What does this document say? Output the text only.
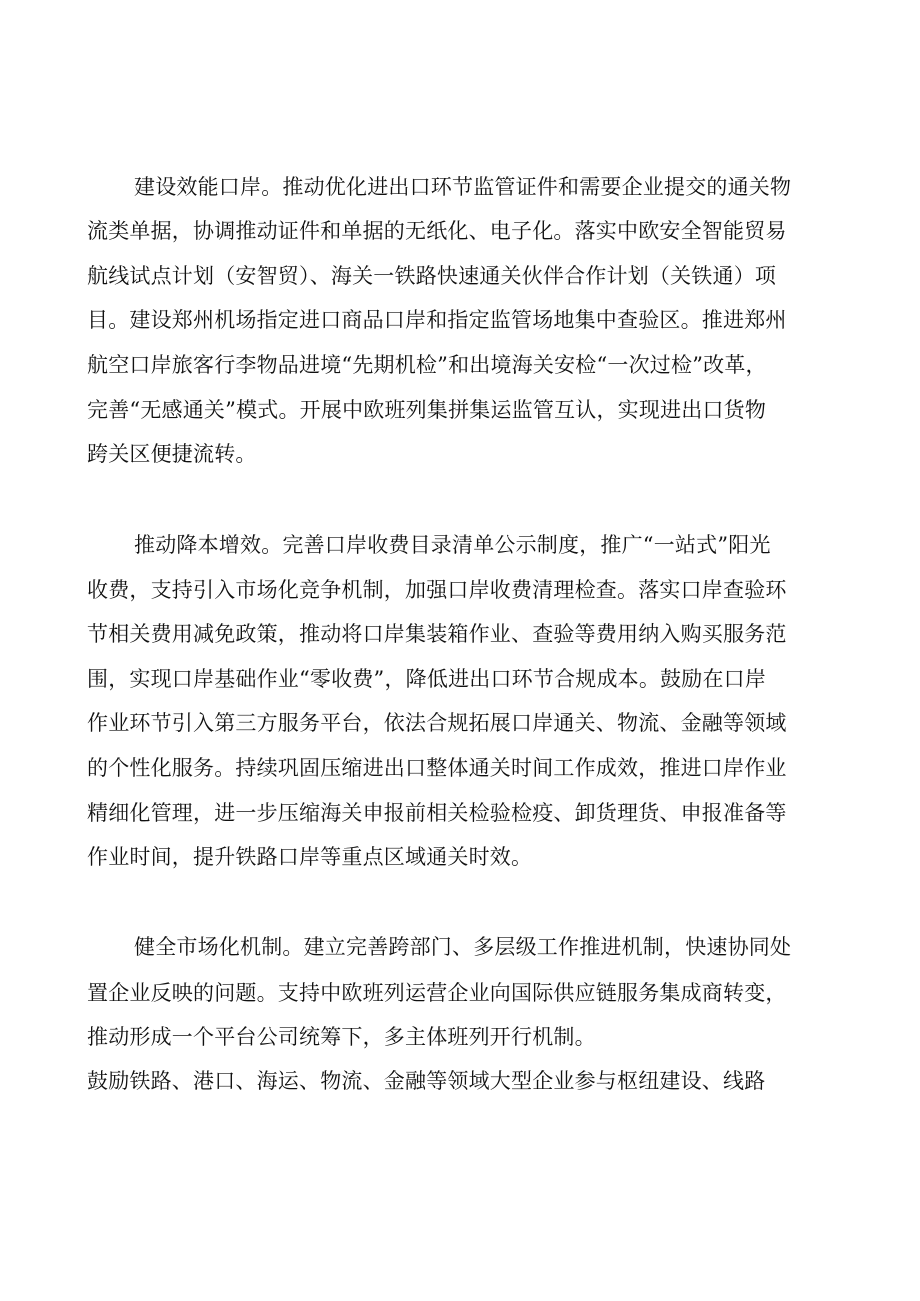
建设效能口岸。推动优化进出口环节监管证件和需要企业提交的通关物
流类单据，协调推动证件和单据的无纸化、电子化。落实中欧安全智能贸易
航线试点计划（安智贸）、海关一铁路快速通关伙伴合作计划（关铁通）项
目。建设郑州机场指定进口商品口岸和指定监管场地集中查验区。推进郑州
航空口岸旅客行李物品进境“先期机检”和出境海关安检“一次过检”改革，
完善“无感通关”模式。开展中欧班列集拼集运监管互认，实现进出口货物
跨关区便捷流转。
推动降本增效。完善口岸收费目录清单公示制度，推广“一站式”阳光
收费，支持引入市场化竞争机制，加强口岸收费清理检查。落实口岸查验环
节相关费用减免政策，推动将口岸集装箱作业、查验等费用纳入购买服务范
围，实现口岸基础作业“零收费”，降低进出口环节合规成本。鼓励在口岸
作业环节引入第三方服务平台，依法合规拓展口岸通关、物流、金融等领域
的个性化服务。持续巩固压缩进出口整体通关时间工作成效，推进口岸作业
精细化管理，进一步压缩海关申报前相关检验检疫、卸货理货、申报准备等
作业时间，提升铁路口岸等重点区域通关时效。
健全市场化机制。建立完善跨部门、多层级工作推进机制，快速协同处
置企业反映的问题。支持中欧班列运营企业向国际供应链服务集成商转变，
推动形成一个平台公司统筹下，多主体班列开行机制。
鼓励铁路、港口、海运、物流、金融等领域大型企业参与枢纽建设、线路
